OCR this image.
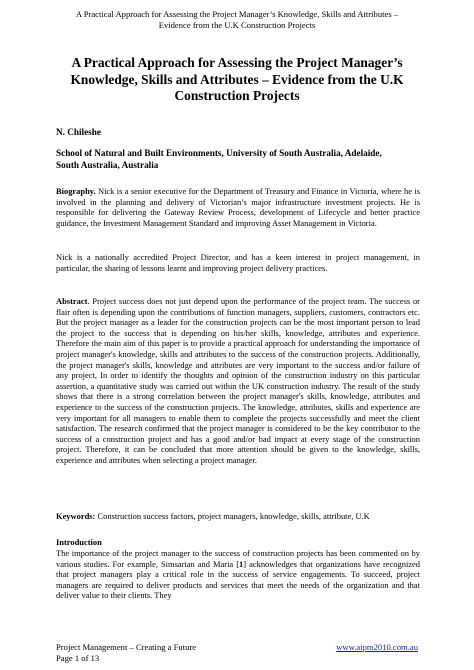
A Practical Approach for Assessing the Project Manager’s Knowledge, Skills and Attributes –
Evidence from the U.K Construction Projects
A Practical Approach for Assessing the Project Manager’s
Knowledge, Skills and Attributes – Evidence from the U.K
Construction Projects
N. Chileshe
School of Natural and Built Environments, University of South Australia, Adelaide,
South Australia, Australia
Biography. Nick is a senior executive for the Department of Treasury and Finance in Victoria, where he is involved in the planning and delivery of Victorian’s major infrastructure investment projects. He is responsible for delivering the Gateway Review Process, development of Lifecycle and better practice guidance, the Investment Management Standard and improving Asset Management in Victoria.
Nick is a nationally accredited Project Director, and has a keen interest in project management, in particular, the sharing of lessons learnt and improving project delivery practices.
Abstract. Project success does not just depend upon the performance of the project team. The success or flair often is depending upon the contributions of function managers, suppliers, customers, contractors etc. But the project manager as a leader for the construction projects can be the most important person to lead the project to the success that is depending on his/her skills, knowledge, attributes and experience. Therefore the main aim of this paper is to provide a practical approach for understanding the importance of project manager's knowledge, skills and attributes to the success of the construction projects. Additionally, the project manager's skills, knowledge and attributes are very important to the success and/or failure of any project, In order to identify the thoughts and opinion of the construction industry on this particular assertion, a quantitative study was carried out within the UK construction industry. The result of the study shows that there is a strong correlation between the project manager's skills, knowledge, attributes and experience to the success of the construction projects. The knowledge, attributes, skills and experience are very important for all managers to enable them to complete the projects successfully and meet the client satisfaction. The research confirmed that the project manager is considered to be the key contributor to the success of a construction project and has a good and/or bad impact at every stage of the construction project. Therefore, it can be concluded that more attention should be given to the knowledge, skills, experience and attributes when selecting a project manager.
Keywords: Construction success factors, project managers, knowledge, skills, attribute, U.K
Introduction
The importance of the project manager to the success of construction projects has been commented on by various studies. For example, Simsarian and Maria [1] acknowledges that organizations have recognized that project managers play a critical role in the success of service engagements. To succeed, project managers are required to deliver products and services that meet the needs of the organization and that deliver value to their clients. They
Project Management – Creating a Future	www.aipm2010.com.au
Page 1 of 13
